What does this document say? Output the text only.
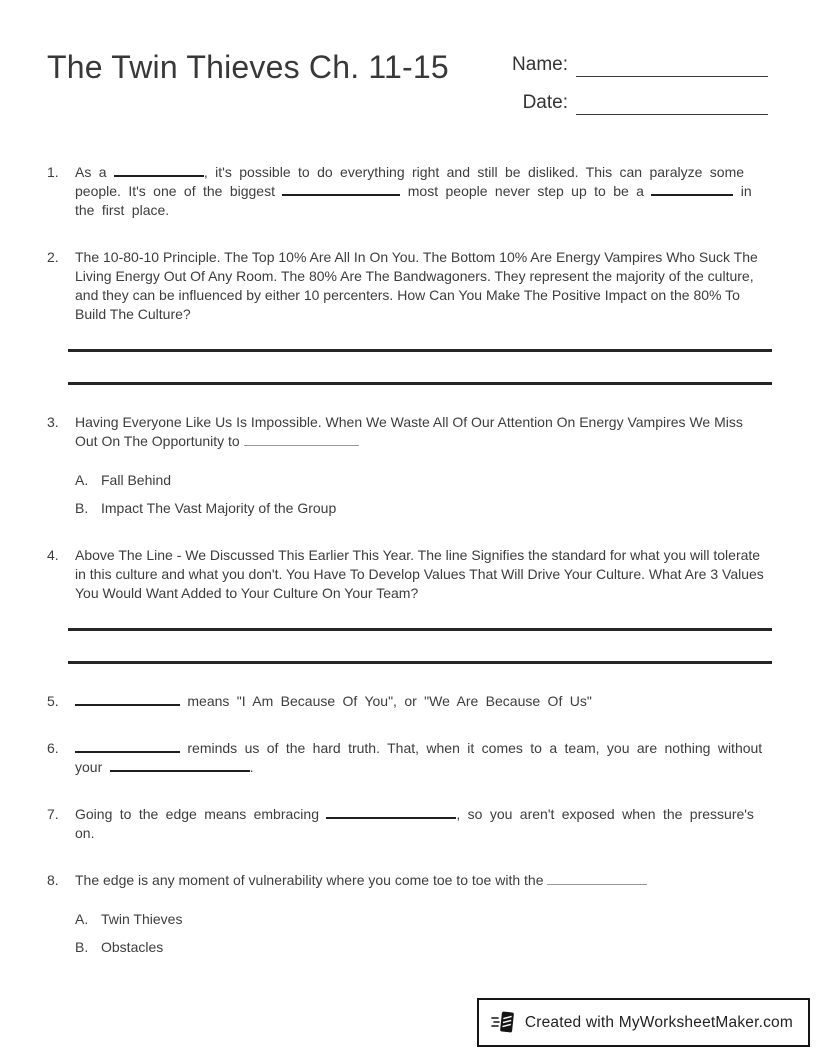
The Twin Thieves Ch. 11-15	Name:
Date:
1.	As a	, it's possible to do everything right and still be disliked. This can paralyze some people. It's one of the biggest	most people never step up to be a	in the first place.

2.	The 10-80-10 Principle. The Top 10% Are All In On You. The Bottom 10% Are Energy Vampires Who Suck The Living Energy Out Of Any Room. The 80% Are The Bandwagoners. They represent the majority of the culture, and they can be influenced by either 10 percenters. How Can You Make The Positive Impact on the 80% To Build The Culture?

3.	Having Everyone Like Us Is Impossible. When We Waste All Of Our Attention On Energy Vampires We Miss Out On The Opportunity to

A. Fall Behind
B. Impact The Vast Majority of the Group
4.	Above The Line - We Discussed This Earlier This Year. The line Signifies the standard for what you will tolerate in this culture and what you don't. You Have To Develop Values That Will Drive Your Culture. What Are 3 Values You Would Want Added to Your Culture On Your Team?

5.	means "I Am Because Of You", or "We Are Because Of Us"

6.	reminds us of the hard truth. That, when it comes to a team, you are nothing without your	.

7.	Going to the edge means embracing	, so you aren't exposed when the pressure's on.

8.	The edge is any moment of vulnerability where you come toe to toe with the

A. Twin Thieves
B. Obstacles
Created with MyWorksheetMaker.com
